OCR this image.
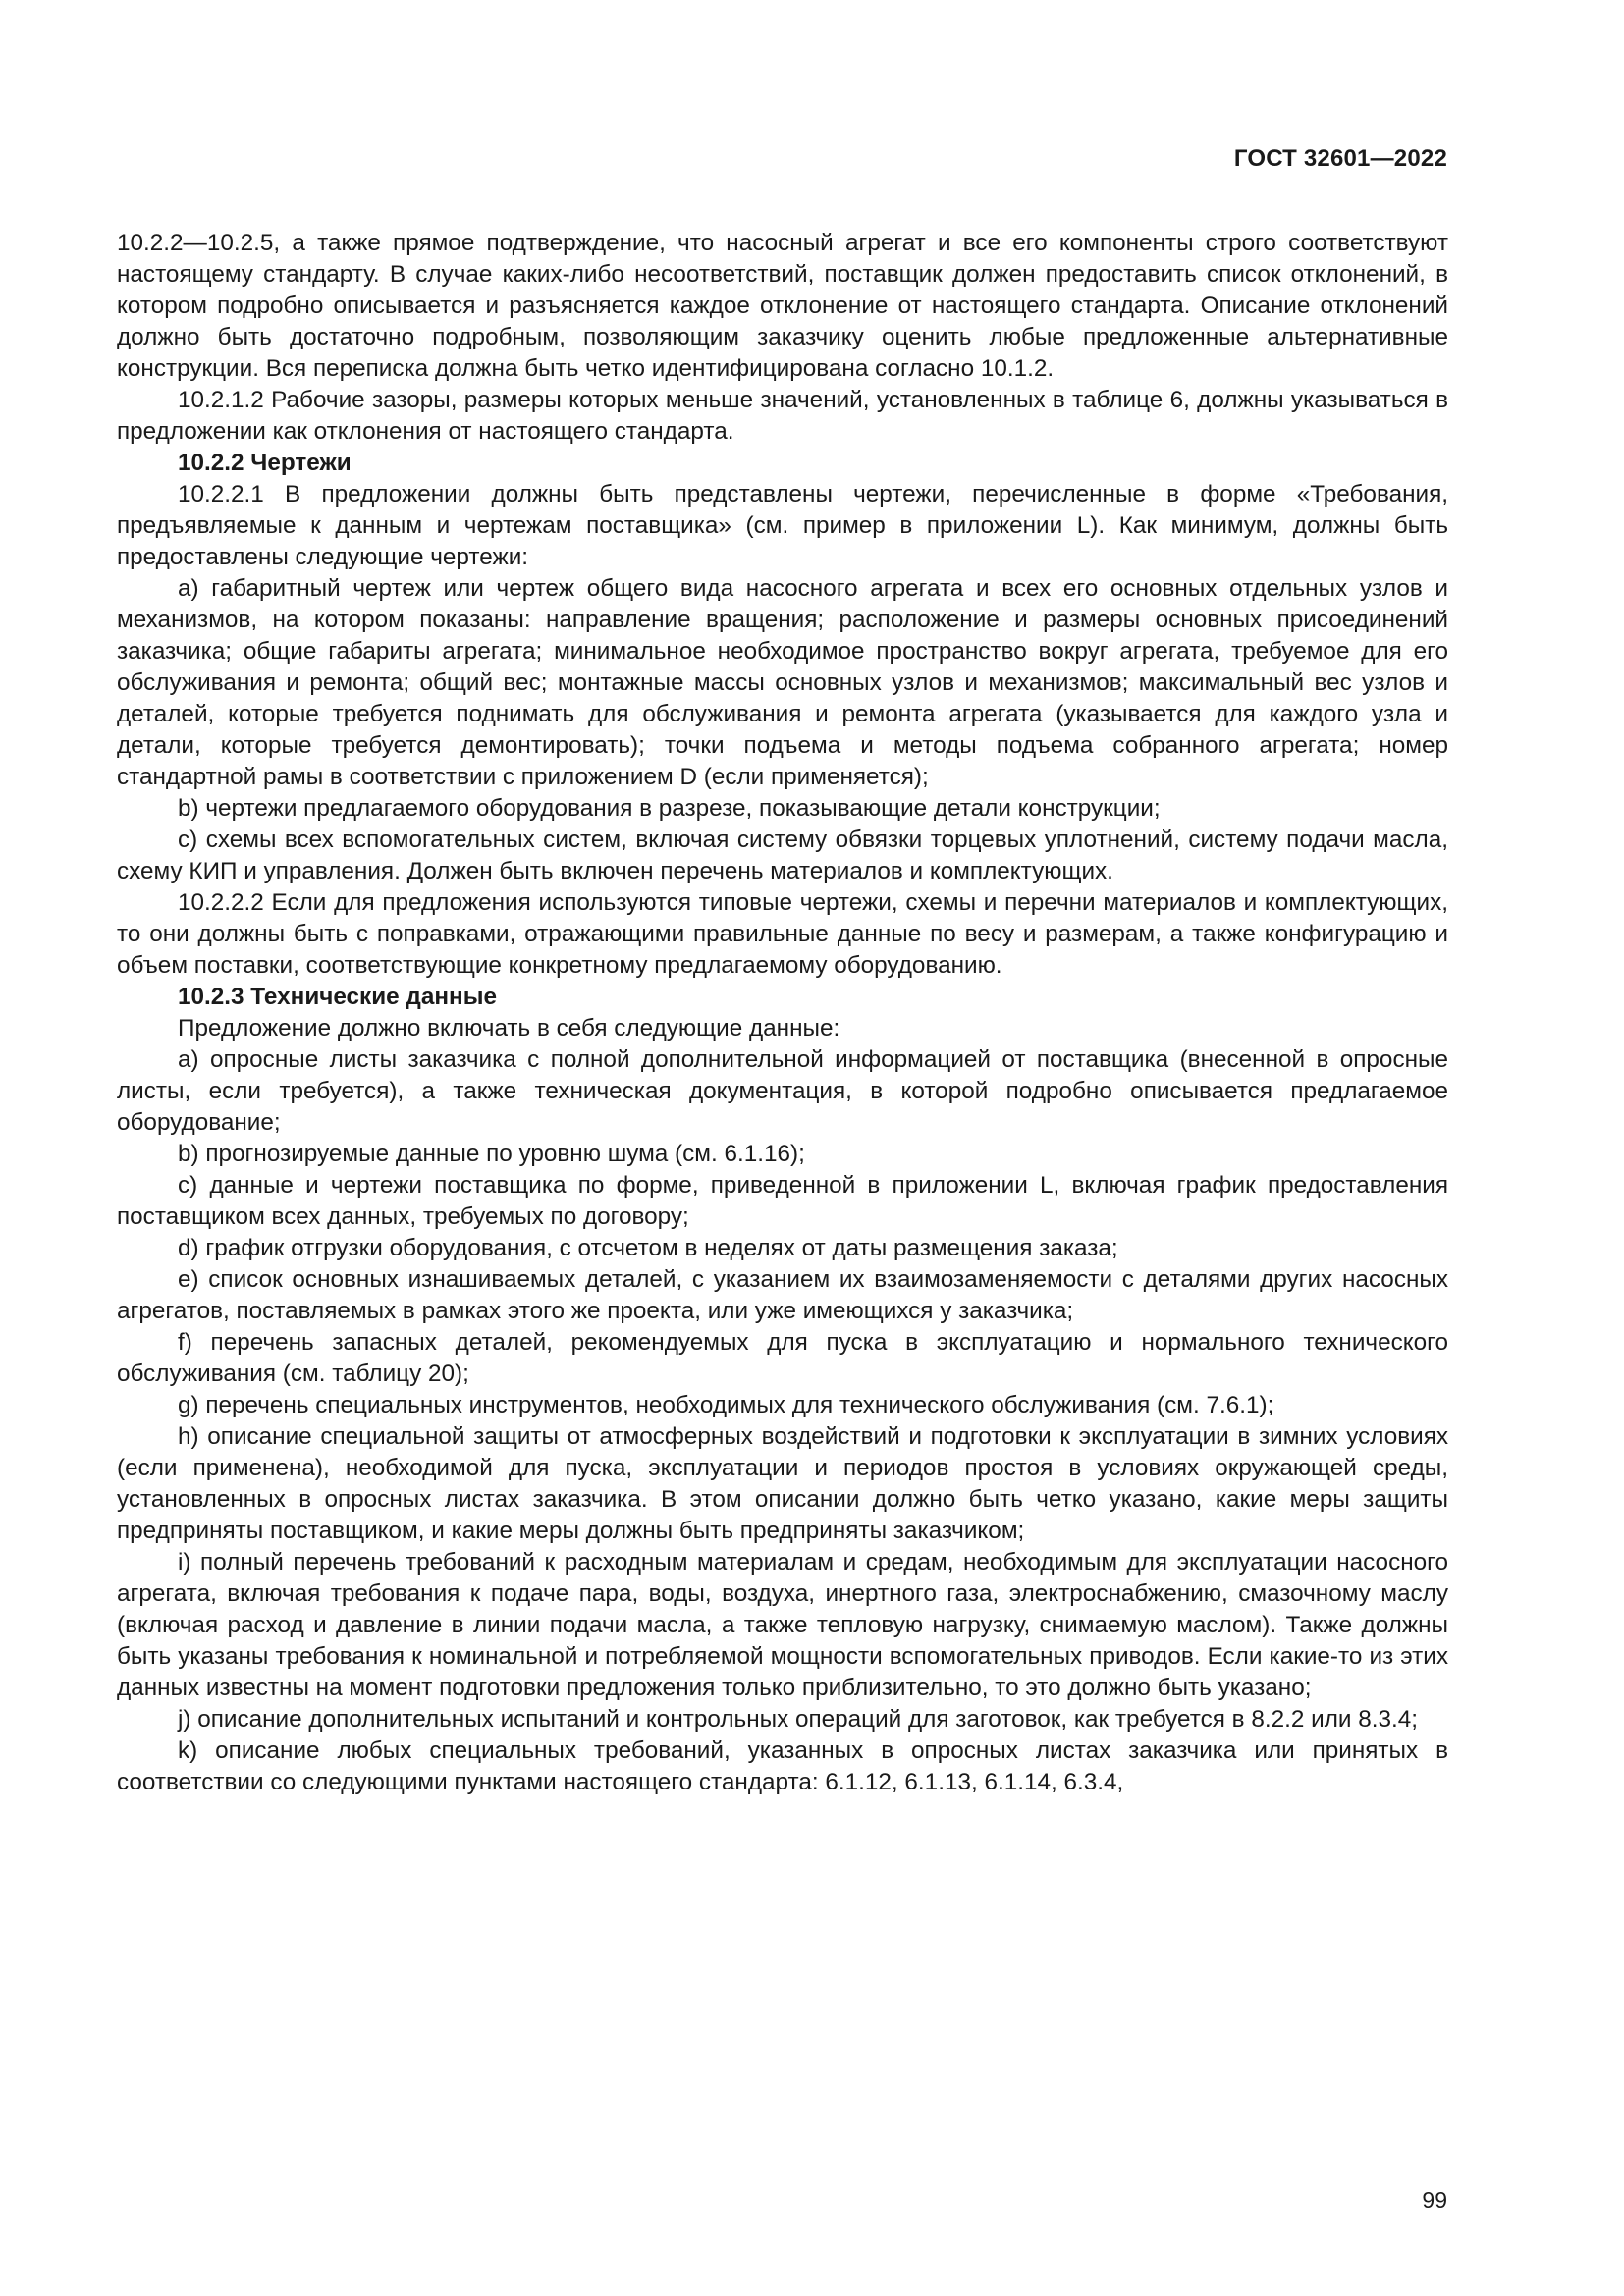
ГОСТ 32601—2022

10.2.2—10.2.5, а также прямое подтверждение, что насосный агрегат и все его компоненты строго соответствуют настоящему стандарту. В случае каких-либо несоответствий, поставщик должен предоставить список отклонений, в котором подробно описывается и разъясняется каждое отклонение от настоящего стандарта. Описание отклонений должно быть достаточно подробным, позволяющим заказчику оценить любые предложенные альтернативные конструкции. Вся переписка должна быть четко идентифицирована согласно 10.1.2.

10.2.1.2 Рабочие зазоры, размеры которых меньше значений, установленных в таблице 6, должны указываться в предложении как отклонения от настоящего стандарта.

10.2.2 Чертежи

10.2.2.1 В предложении должны быть представлены чертежи, перечисленные в форме «Требования, предъявляемые к данным и чертежам поставщика» (см. пример в приложении L). Как минимум, должны быть предоставлены следующие чертежи:

a) габаритный чертеж или чертеж общего вида насосного агрегата и всех его основных отдельных узлов и механизмов, на котором показаны: направление вращения; расположение и размеры основных присоединений заказчика; общие габариты агрегата; минимальное необходимое пространство вокруг агрегата, требуемое для его обслуживания и ремонта; общий вес; монтажные массы основных узлов и механизмов; максимальный вес узлов и деталей, которые требуется поднимать для обслуживания и ремонта агрегата (указывается для каждого узла и детали, которые требуется демонтировать); точки подъема и методы подъема собранного агрегата; номер стандартной рамы в соответствии с приложением D (если применяется);

b) чертежи предлагаемого оборудования в разрезе, показывающие детали конструкции;

c) схемы всех вспомогательных систем, включая систему обвязки торцевых уплотнений, систему подачи масла, схему КИП и управления. Должен быть включен перечень материалов и комплектующих.

10.2.2.2 Если для предложения используются типовые чертежи, схемы и перечни материалов и комплектующих, то они должны быть с поправками, отражающими правильные данные по весу и размерам, а также конфигурацию и объем поставки, соответствующие конкретному предлагаемому оборудованию.

10.2.3 Технические данные

Предложение должно включать в себя следующие данные:

a) опросные листы заказчика с полной дополнительной информацией от поставщика (внесенной в опросные листы, если требуется), а также техническая документация, в которой подробно описывается предлагаемое оборудование;

b) прогнозируемые данные по уровню шума (см. 6.1.16);

c) данные и чертежи поставщика по форме, приведенной в приложении L, включая график предоставления поставщиком всех данных, требуемых по договору;

d) график отгрузки оборудования, с отсчетом в неделях от даты размещения заказа;

e) список основных изнашиваемых деталей, с указанием их взаимозаменяемости с деталями других насосных агрегатов, поставляемых в рамках этого же проекта, или уже имеющихся у заказчика;

f) перечень запасных деталей, рекомендуемых для пуска в эксплуатацию и нормального технического обслуживания (см. таблицу 20);

g) перечень специальных инструментов, необходимых для технического обслуживания (см. 7.6.1);

h) описание специальной защиты от атмосферных воздействий и подготовки к эксплуатации в зимних условиях (если применена), необходимой для пуска, эксплуатации и периодов простоя в условиях окружающей среды, установленных в опросных листах заказчика. В этом описании должно быть четко указано, какие меры защиты предприняты поставщиком, и какие меры должны быть предприняты заказчиком;

i) полный перечень требований к расходным материалам и средам, необходимым для эксплуатации насосного агрегата, включая требования к подаче пара, воды, воздуха, инертного газа, электроснабжению, смазочному маслу (включая расход и давление в линии подачи масла, а также тепловую нагрузку, снимаемую маслом). Также должны быть указаны требования к номинальной и потребляемой мощности вспомогательных приводов. Если какие-то из этих данных известны на момент подготовки предложения только приблизительно, то это должно быть указано;

j) описание дополнительных испытаний и контрольных операций для заготовок, как требуется в 8.2.2 или 8.3.4;

k) описание любых специальных требований, указанных в опросных листах заказчика или принятых в соответствии со следующими пунктами настоящего стандарта: 6.1.12, 6.1.13, 6.1.14, 6.3.4,

99
